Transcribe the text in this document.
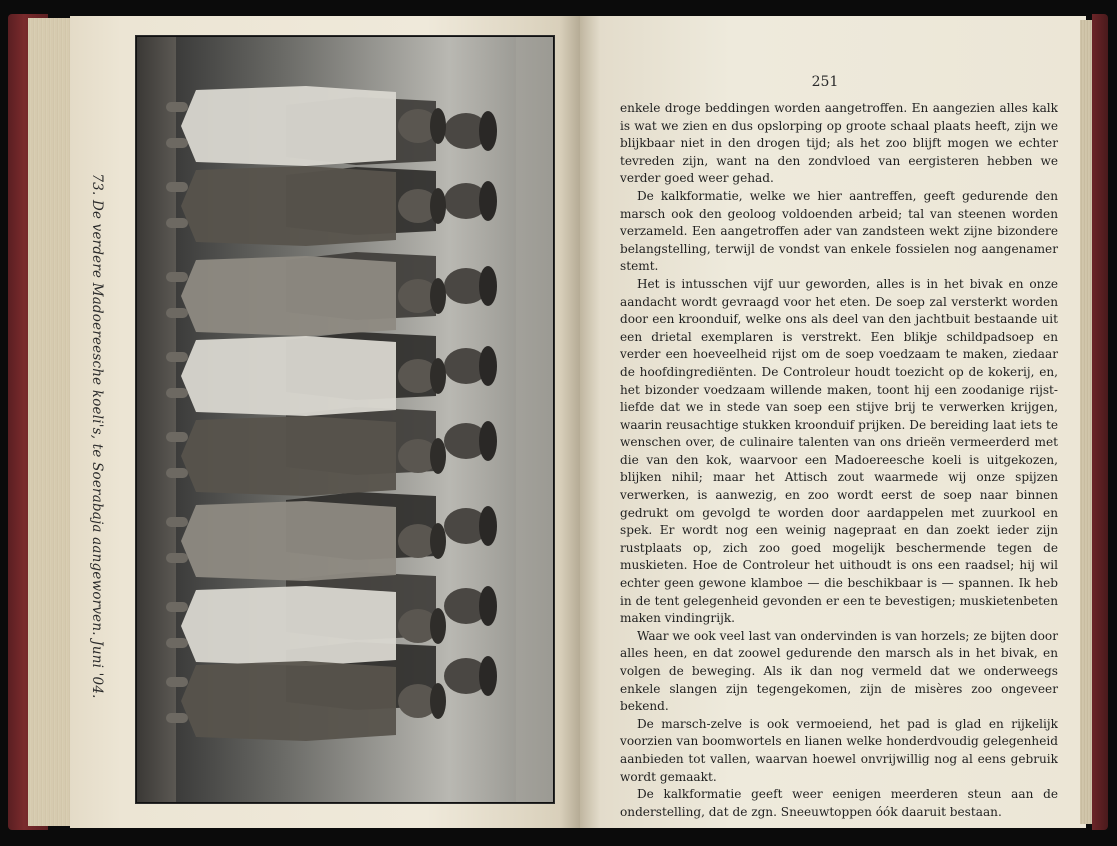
73. De verdere Madoereesche koeli's, te Soerabaja aangeworven. Juni '04.
251

enkele droge beddingen worden aangetroffen. En aangezien alles kalk is wat we zien en dus opslorping op groote schaal plaats heeft, zijn we blijkbaar niet in den drogen tijd; als het zoo blijft mogen we echter tevreden zijn, want na den zondvloed van eergisteren hebben we verder goed weer gehad.

De kalkformatie, welke we hier aantreffen, geeft gedurende den marsch ook den geoloog voldoenden arbeid; tal van steenen worden verzameld. Een aangetroffen ader van zandsteen wekt zijne bizondere belangstelling, terwijl de vondst van enkele fossielen nog aangenamer stemt.

Het is intusschen vijf uur geworden, alles is in het bivak en onze aandacht wordt gevraagd voor het eten. De soep zal versterkt worden door een kroonduif, welke ons als deel van den jachtbuit bestaande uit een drietal exemplaren is verstrekt. Een blikje schildpadsoep en verder een hoeveelheid rijst om de soep voedzaam te maken, ziedaar de hoofdingrediënten. De Controleur houdt toezicht op de kokerij, en, het bizonder voedzaam willende maken, toont hij een zoodanige rijst-liefde dat we in stede van soep een stijve brij te verwerken krijgen, waarin reusachtige stukken kroonduif prijken. De bereiding laat iets te wenschen over, de culinaire talenten van ons drieën vermeerderd met die van den kok, waarvoor een Madoereesche koeli is uitgekozen, blijken nihil; maar het Attisch zout waarmede wij onze spijzen verwerken, is aanwezig, en zoo wordt eerst de soep naar binnen gedrukt om gevolgd te worden door aardappelen met zuurkool en spek. Er wordt nog een weinig nagepraat en dan zoekt ieder zijn rustplaats op, zich zoo goed mogelijk beschermende tegen de muskieten. Hoe de Controleur het uithoudt is ons een raadsel; hij wil echter geen gewone klamboe — die beschikbaar is — spannen. Ik heb in de tent gelegenheid gevonden er een te bevestigen; muskietenbeten maken vindingrijk.

Waar we ook veel last van ondervinden is van horzels; ze bijten door alles heen, en dat zoowel gedurende den marsch als in het bivak, en volgen de beweging. Als ik dan nog vermeld dat we onderweegs enkele slangen zijn tegengekomen, zijn de misères zoo ongeveer bekend.

De marsch-zelve is ook vermoeiend, het pad is glad en rijkelijk voorzien van boomwortels en lianen welke honderdvoudig gelegenheid aanbieden tot vallen, waarvan hoewel onvrijwillig nog al eens gebruik wordt gemaakt.

De kalkformatie geeft weer eenigen meerderen steun aan de onderstelling, dat de zgn. Sneeuwtoppen óók daaruit bestaan.
